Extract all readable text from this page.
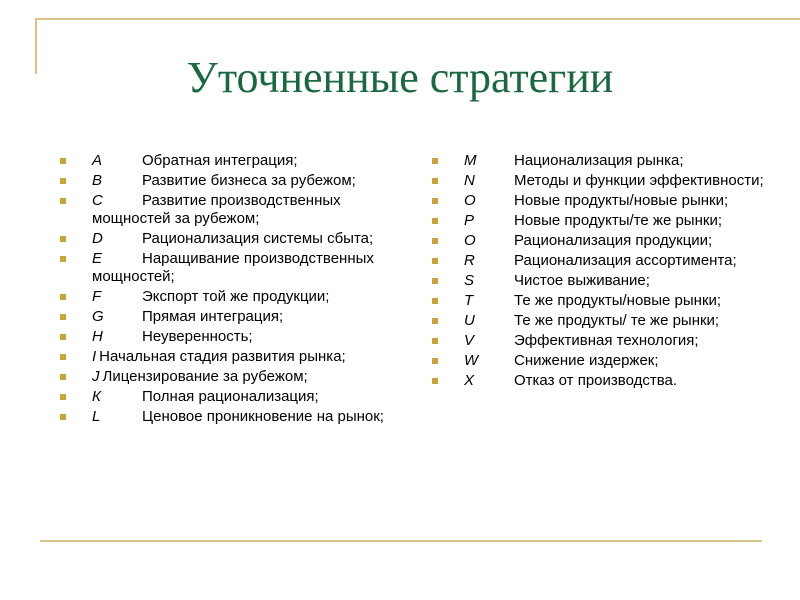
Уточненные стратегии
A	Обратная интеграция;
B	Развитие бизнеса за рубежом;
C	Развитие производственных мощностей за рубежом;
D	Рационализация системы сбыта;
E	Наращивание производственных мощностей;
F	Экспорт той же продукции;
G	Прямая интеграция;
H	Неуверенность;
I Начальная стадия развития рынка;
J Лицензирование за рубежом;
К	Полная рационализация;
L	Ценовое проникновение на рынок;
M	Национализация рынка;
N	Методы и функции эффективности;
O	Новые продукты/новые рынки;
P	Новые продукты/те же рынки;
O	Рационализация продукции;
R	Рационализация ассортимента;
S	Чистое выживание;
T	Те же продукты/новые рынки;
U	Те же продукты/ те же рынки;
V	Эффективная технология;
W Снижение издержек;
X	Отказ от производства.
